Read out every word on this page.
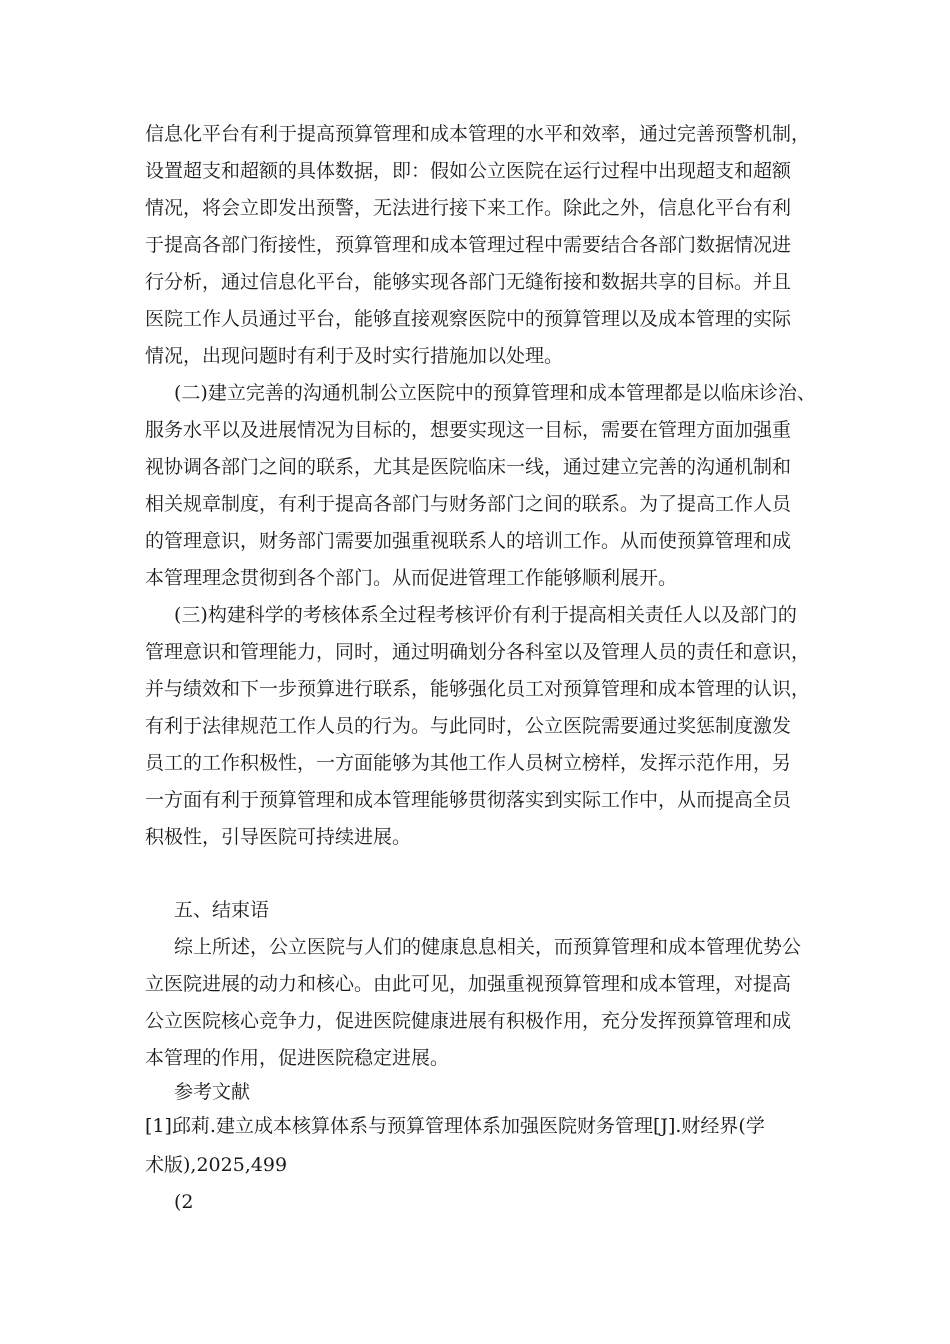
信息化平台有利于提高预算管理和成本管理的水平和效率，通过完善预警机制，
设置超支和超额的具体数据，即：假如公立医院在运行过程中出现超支和超额
情况，将会立即发出预警，无法进行接下来工作。除此之外，信息化平台有利
于提高各部门衔接性，预算管理和成本管理过程中需要结合各部门数据情况进
行分析，通过信息化平台，能够实现各部门无缝衔接和数据共享的目标。并且
医院工作人员通过平台，能够直接观察医院中的预算管理以及成本管理的实际
情况，出现问题时有利于及时实行措施加以处理。
(二)建立完善的沟通机制公立医院中的预算管理和成本管理都是以临床诊治、
服务水平以及进展情况为目标的，想要实现这一目标，需要在管理方面加强重
视协调各部门之间的联系，尤其是医院临床一线，通过建立完善的沟通机制和
相关规章制度，有利于提高各部门与财务部门之间的联系。为了提高工作人员
的管理意识，财务部门需要加强重视联系人的培训工作。从而使预算管理和成
本管理理念贯彻到各个部门。从而促进管理工作能够顺利展开。
(三)构建科学的考核体系全过程考核评价有利于提高相关责任人以及部门的
管理意识和管理能力，同时，通过明确划分各科室以及管理人员的责任和意识，
并与绩效和下一步预算进行联系，能够强化员工对预算管理和成本管理的认识，
有利于法律规范工作人员的行为。与此同时，公立医院需要通过奖惩制度激发
员工的工作积极性，一方面能够为其他工作人员树立榜样，发挥示范作用，另
一方面有利于预算管理和成本管理能够贯彻落实到实际工作中，从而提高全员
积极性，引导医院可持续进展。
五、结束语
综上所述，公立医院与人们的健康息息相关，而预算管理和成本管理优势公
立医院进展的动力和核心。由此可见，加强重视预算管理和成本管理，对提高
公立医院核心竞争力，促进医院健康进展有积极作用，充分发挥预算管理和成
本管理的作用，促进医院稳定进展。
参考文献
[1]邱莉.建立成本核算体系与预算管理体系加强医院财务管理[J].财经界(学
术版),2025,499
(2
